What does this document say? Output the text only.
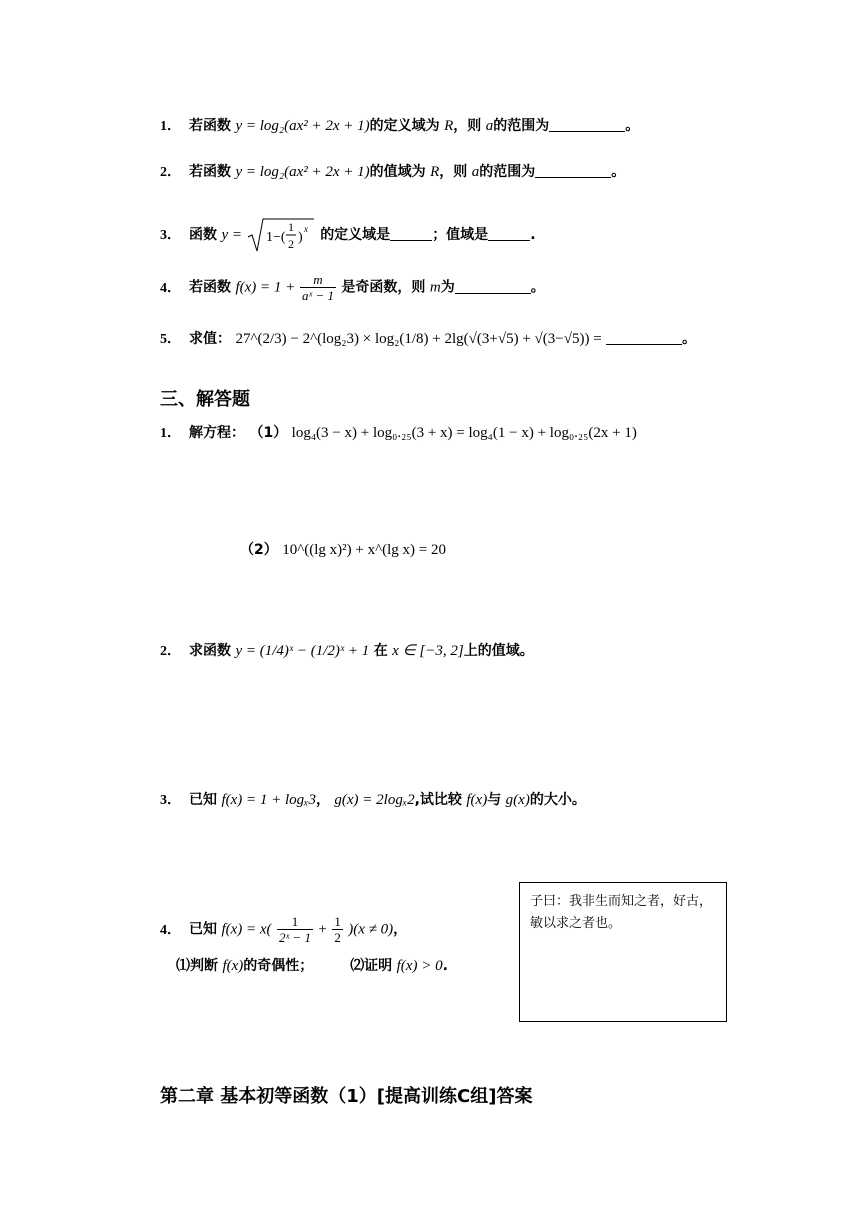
1． 若函数 y = log₂(ax² + 2x + 1)的定义域为 R，则 a的范围为	。
2． 若函数 y = log₂(ax² + 2x + 1)的值域为 R，则 a的范围为	。
3． 函数 y = 1−(
1
2 )
x 的定义域是	；值域是	.
4． 若函数 $f(x) = 1 + \frac{m}{\text{aˣ − 1}}$ 是奇函数，则 m为	。
5． 求值： 27^(2/3) − 2^(log₂3) × log₂(1/8) + 2lg(√(3+√5) + √(3−√5)) =	。
三、解答题
1． 解方程： （1） log₄(3 − x) + log₀.₂₅(3 + x) = log₄(1 − x) + log₀.₂₅(2x + 1)
（2） 10^((lg x)²) + x^(lg x) = 20
2． 求函数 y = (1/4)ˣ − (1/2)ˣ + 1 在 x ∈ [−3, 2]上的值域。
3． 已知 f(x) = 1 + logₓ3， g(x) = 2logₓ2,试比较 f(x)与 g(x)的大小。
4． 已知 $f(x) = x( \frac{1}{\text{2ˣ − 1}} + \frac{1}{2} )(x \ne 0)$，
⑴判断 f(x)的奇偶性；	⑵证明 f(x) > 0.
子曰：我非生而知之者，好古，敏以求之者也。
第二章 基本初等函数（1）[提高训练C组]答案
